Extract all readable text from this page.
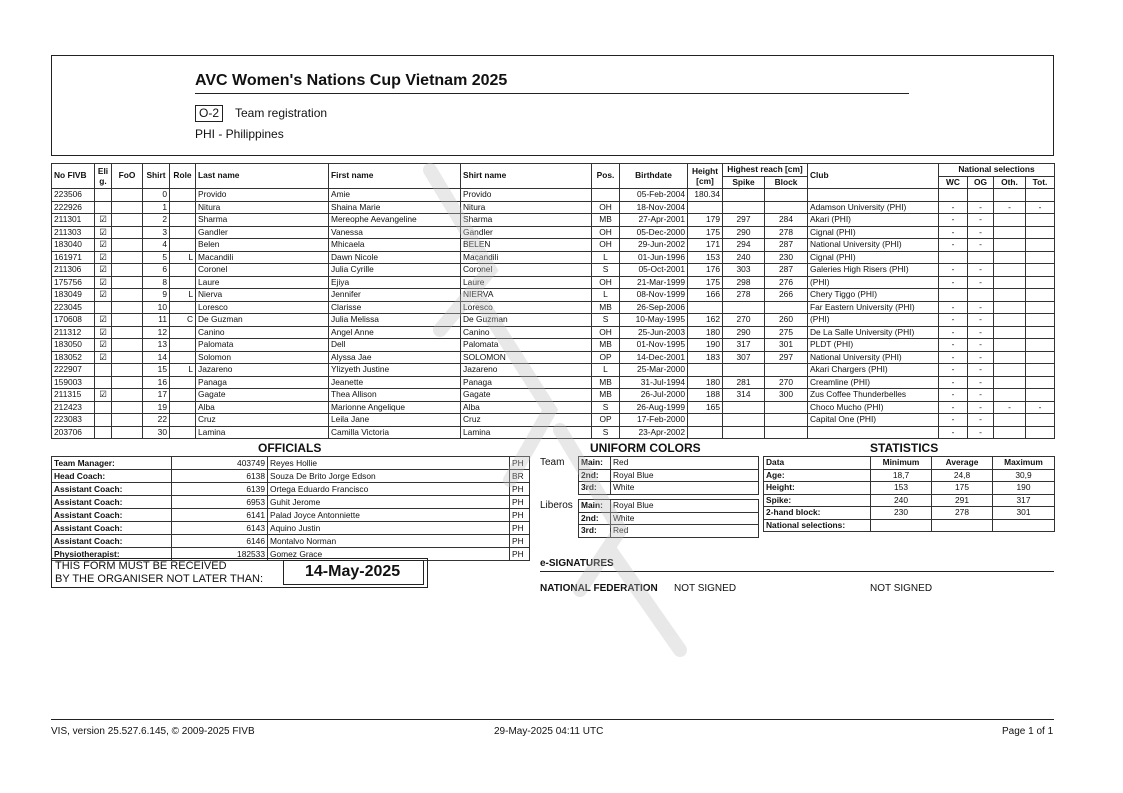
AVC Women's Nations Cup Vietnam 2025
O-2	Team registration
PHI - Philippines
No FIVB	Eli g.	FoO	Shirt	Role	Last name	First name	Shirt name	Pos.	Birthdate	Height [cm]	Highest reach [cm]		Club	National selections			
											Spike	Block		WC	OG	Oth.	Tot.
223506			0		Provido	Amie	Provido		05-Feb-2004	180.34							
222926			1		Nitura	Shaina Marie	Nitura	OH	18-Nov-2004				Adamson University (PHI)	-	-	-	-
211301	☑		2		Sharma	Mereophe Aevangeline	Sharma	MB	27-Apr-2001	179	297	284	Akari (PHI)	-	-		
211303	☑		3		Gandler	Vanessa	Gandler	OH	05-Dec-2000	175	290	278	Cignal (PHI)	-	-		
183040	☑		4		Belen	Mhicaela	BELEN	OH	29-Jun-2002	171	294	287	National University (PHI)	-	-		
161971	☑		5	L	Macandili	Dawn Nicole	Macandili	L	01-Jun-1996	153	240	230	Cignal (PHI)				
211306	☑		6		Coronel	Julia Cyrille	Coronel	S	05-Oct-2001	176	303	287	Galeries High Risers (PHI)	-	-		
175756	☑		8		Laure	Ejiya	Laure	OH	21-Mar-1999	175	298	276	(PHI)	-	-		
183049	☑		9	L	Nierva	Jennifer	NIERVA	L	08-Nov-1999	166	278	266	Chery Tiggo (PHI)				
223045			10		Loresco	Clarisse	Loresco	MB	26-Sep-2006				Far Eastern University (PHI)	-	-		
170608	☑		11	C	De Guzman	Julia Melissa	De Guzman	S	10-May-1995	162	270	260	(PHI)	-	-		
211312	☑		12		Canino	Angel Anne	Canino	OH	25-Jun-2003	180	290	275	De La Salle University (PHI)	-	-		
183050	☑		13		Palomata	Dell	Palomata	MB	01-Nov-1995	190	317	301	PLDT (PHI)	-	-		
183052	☑		14		Solomon	Alyssa Jae	SOLOMON	OP	14-Dec-2001	183	307	297	National University (PHI)	-	-		
222907			15	L	Jazareno	Ylizyeth Justine	Jazareno	L	25-Mar-2000				Akari Chargers (PHI)	-	-		
159003			16		Panaga	Jeanette	Panaga	MB	31-Jul-1994	180	281	270	Creamline (PHI)	-	-		
211315	☑		17		Gagate	Thea Allison	Gagate	MB	26-Jul-2000	188	314	300	Zus Coffee Thunderbelles	-	-		
212423			19		Alba	Marionne Angelique	Alba	S	26-Aug-1999	165			Choco Mucho (PHI)	-	-	-	-
223083			22		Cruz	Leila Jane	Cruz	OP	17-Feb-2000				Capital One (PHI)	-	-		
203706			30		Lamina	Camilla Victoria	Lamina	S	23-Apr-2002					-	-		
OFFICIALS	UNIFORM COLORS	STATISTICS
Team Manager:	403749	Reyes Hollie	PH
Head Coach:	6138	Souza De Brito Jorge Edson	BR
Assistant Coach:	6139	Ortega Eduardo Francisco	PH
Assistant Coach:	6953	Guhit Jerome	PH
Assistant Coach:	6141	Palad Joyce Antonniette	PH
Assistant Coach:	6143	Aquino Justin	PH
Assistant Coach:	6146	Montalvo Norman	PH
Physiotherapist:	182533	Gomez Grace	PH
Team Main:	Red
2nd:	Royal Blue
3rd:	White
Liberos Main:	Royal Blue
2nd:	White
3rd:	Red
Data	Minimum	Average	Maximum
Age:	18,7	24,8	30,9
Height:	153	175	190
Spike:	240	291	317
2-hand block:	230	278	301
National selections:			
THIS FORM MUST BE RECEIVED
BY THE ORGANISER NOT LATER THAN:	14-May-2025	e-SIGNATURES
NATIONAL FEDERATION NOT SIGNED	NOT SIGNED
VIS, version 25.527.6.145, © 2009-2025 FIVB	29-May-2025 04:11 UTC	Page 1 of 1
